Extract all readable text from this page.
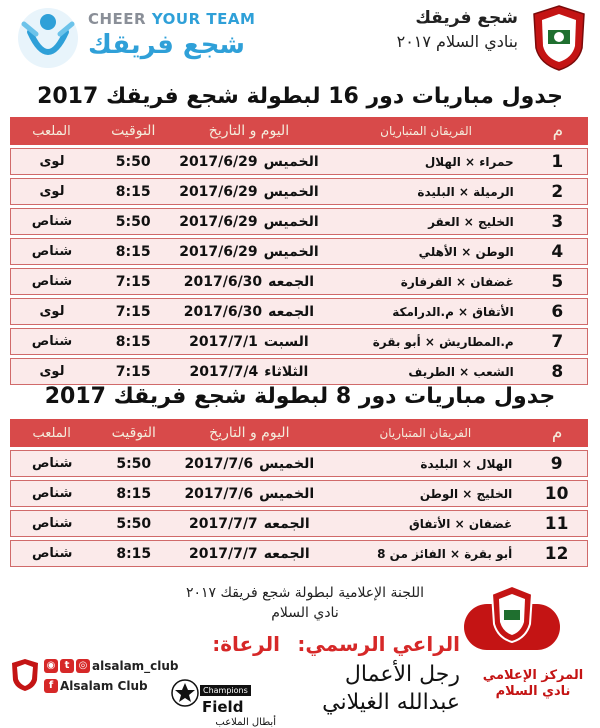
CHEER YOUR TEAM
شجع فريقك
شجع فريقك
بنادي السلام ٢٠١٧
جدول مباريات دور 16 لبطولة شجع فريقك 2017
م	الفريقان المتباريان	اليوم و التاريخ	التوقيت	الملعب
1	حمراء × الهلال	الخميس2017/6/29	5:50	لوى
2	الرميلة × البليدة	الخميس2017/6/29	8:15	لوى
3	الخليج × العقر	الخميس2017/6/29	5:50	شناص
4	الوطن × الأهلي	الخميس2017/6/29	8:15	شناص
5	غضفان × الفرفارة	الجمعه2017/6/30	7:15	شناص
6	الأتفاق × م.الدرامكة	الجمعه2017/6/30	7:15	لوى
7	م.المطاريش × أبو بقرة	السبت2017/7/1	8:15	شناص
8	الشعب × الطريف	الثلاثاء2017/7/4	7:15	لوى
جدول مباريات دور 8 لبطولة شجع فريقك 2017
م	الفريقان المتباريان	اليوم و التاريخ	التوقيت	الملعب
9	الهلال × البليدة	الخميس2017/7/6	5:50	شناص
10	الخليج × الوطن	الخميس2017/7/6	8:15	شناص
11	غضفان × الأتفاق	الجمعه2017/7/7	5:50	شناص
12	أبو بقرة × الفائز من 8	الجمعه2017/7/7	8:15	شناص
اللجنة الإعلامية لبطولة شجع فريقك ٢٠١٧
نادي السلام
المركز الإعلامي
نادي السلام
الراعي الرسمي:
الرعاة:
رجل الأعمال
عبدالله الغيلاني
◉ t ◎ alsalam_club
f Alsalam Club	ChampionsField
أبطال الملاعب
